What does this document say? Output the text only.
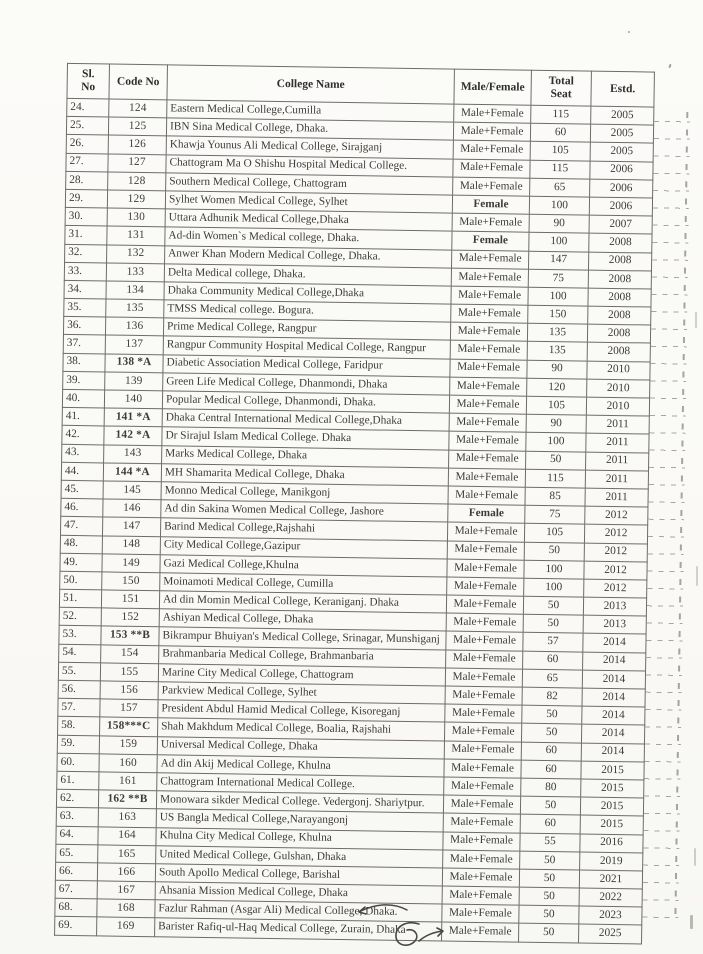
Sl. No	Code No	College Name	Male/Female	Total Seat	Estd.
24.	124	Eastern Medical College,Cumilla	Male+Female	115	2005
25.	125	IBN Sina Medical College, Dhaka.	Male+Female	60	2005
26.	126	Khawja Younus Ali Medical College, Sirajganj	Male+Female	105	2005
27.	127	Chattogram Ma O Shishu Hospital Medical College.	Male+Female	115	2006
28.	128	Southern Medical College, Chattogram	Male+Female	65	2006
29.	129	Sylhet Women Medical College, Sylhet	Female	100	2006
30.	130	Uttara Adhunik Medical College,Dhaka	Male+Female	90	2007
31.	131	Ad-din Women`s Medical college, Dhaka.	Female	100	2008
32.	132	Anwer Khan Modern Medical College, Dhaka.	Male+Female	147	2008
33.	133	Delta Medical college, Dhaka.	Male+Female	75	2008
34.	134	Dhaka Community Medical College,Dhaka	Male+Female	100	2008
35.	135	TMSS Medical college. Bogura.	Male+Female	150	2008
36.	136	Prime Medical College, Rangpur	Male+Female	135	2008
37.	137	Rangpur Community Hospital Medical College, Rangpur	Male+Female	135	2008
38.	138 *A	Diabetic Association Medical College, Faridpur	Male+Female	90	2010
39.	139	Green Life Medical College, Dhanmondi, Dhaka	Male+Female	120	2010
40.	140	Popular Medical College, Dhanmondi, Dhaka.	Male+Female	105	2010
41.	141 *A	Dhaka Central International Medical College,Dhaka	Male+Female	90	2011
42.	142 *A	Dr Sirajul Islam Medical College. Dhaka	Male+Female	100	2011
43.	143	Marks Medical College, Dhaka	Male+Female	50	2011
44.	144 *A	MH Shamarita Medical College, Dhaka	Male+Female	115	2011
45.	145	Monno Medical College, Manikgonj	Male+Female	85	2011
46.	146	Ad din Sakina Women Medical College, Jashore	Female	75	2012
47.	147	Barind Medical College,Rajshahi	Male+Female	105	2012
48.	148	City Medical College,Gazipur	Male+Female	50	2012
49.	149	Gazi Medical College,Khulna	Male+Female	100	2012
50.	150	Moinamoti Medical College, Cumilla	Male+Female	100	2012
51.	151	Ad din Momin Medical College, Keraniganj. Dhaka	Male+Female	50	2013
52.	152	Ashiyan Medical College, Dhaka	Male+Female	50	2013
53.	153 **B	Bikrampur Bhuiyan's Medical College, Srinagar, Munshiganj	Male+Female	57	2014
54.	154	Brahmanbaria Medical College, Brahmanbaria	Male+Female	60	2014
55.	155	Marine City Medical College, Chattogram	Male+Female	65	2014
56.	156	Parkview Medical College, Sylhet	Male+Female	82	2014
57.	157	President Abdul Hamid Medical College, Kisoreganj	Male+Female	50	2014
58.	158***C	Shah Makhdum Medical College, Boalia, Rajshahi	Male+Female	50	2014
59.	159	Universal Medical College, Dhaka	Male+Female	60	2014
60.	160	Ad din Akij Medical College, Khulna	Male+Female	60	2015
61.	161	Chattogram International Medical College.	Male+Female	80	2015
62.	162 **B	Monowara sikder Medical College. Vedergonj. Shariytpur.	Male+Female	50	2015
63.	163	US Bangla Medical College,Narayangonj	Male+Female	60	2015
64.	164	Khulna City Medical College, Khulna	Male+Female	55	2016
65.	165	United Medical College, Gulshan, Dhaka	Male+Female	50	2019
66.	166	South Apollo Medical College, Barishal	Male+Female	50	2021
67.	167	Ahsania Mission Medical College, Dhaka	Male+Female	50	2022
68.	168	Fazlur Rahman (Asgar Ali) Medical College, Dhaka.	Male+Female	50	2023
69.	169	Barister Rafiq-ul-Haq Medical College, Zurain, Dhaka	Male+Female	50	2025
